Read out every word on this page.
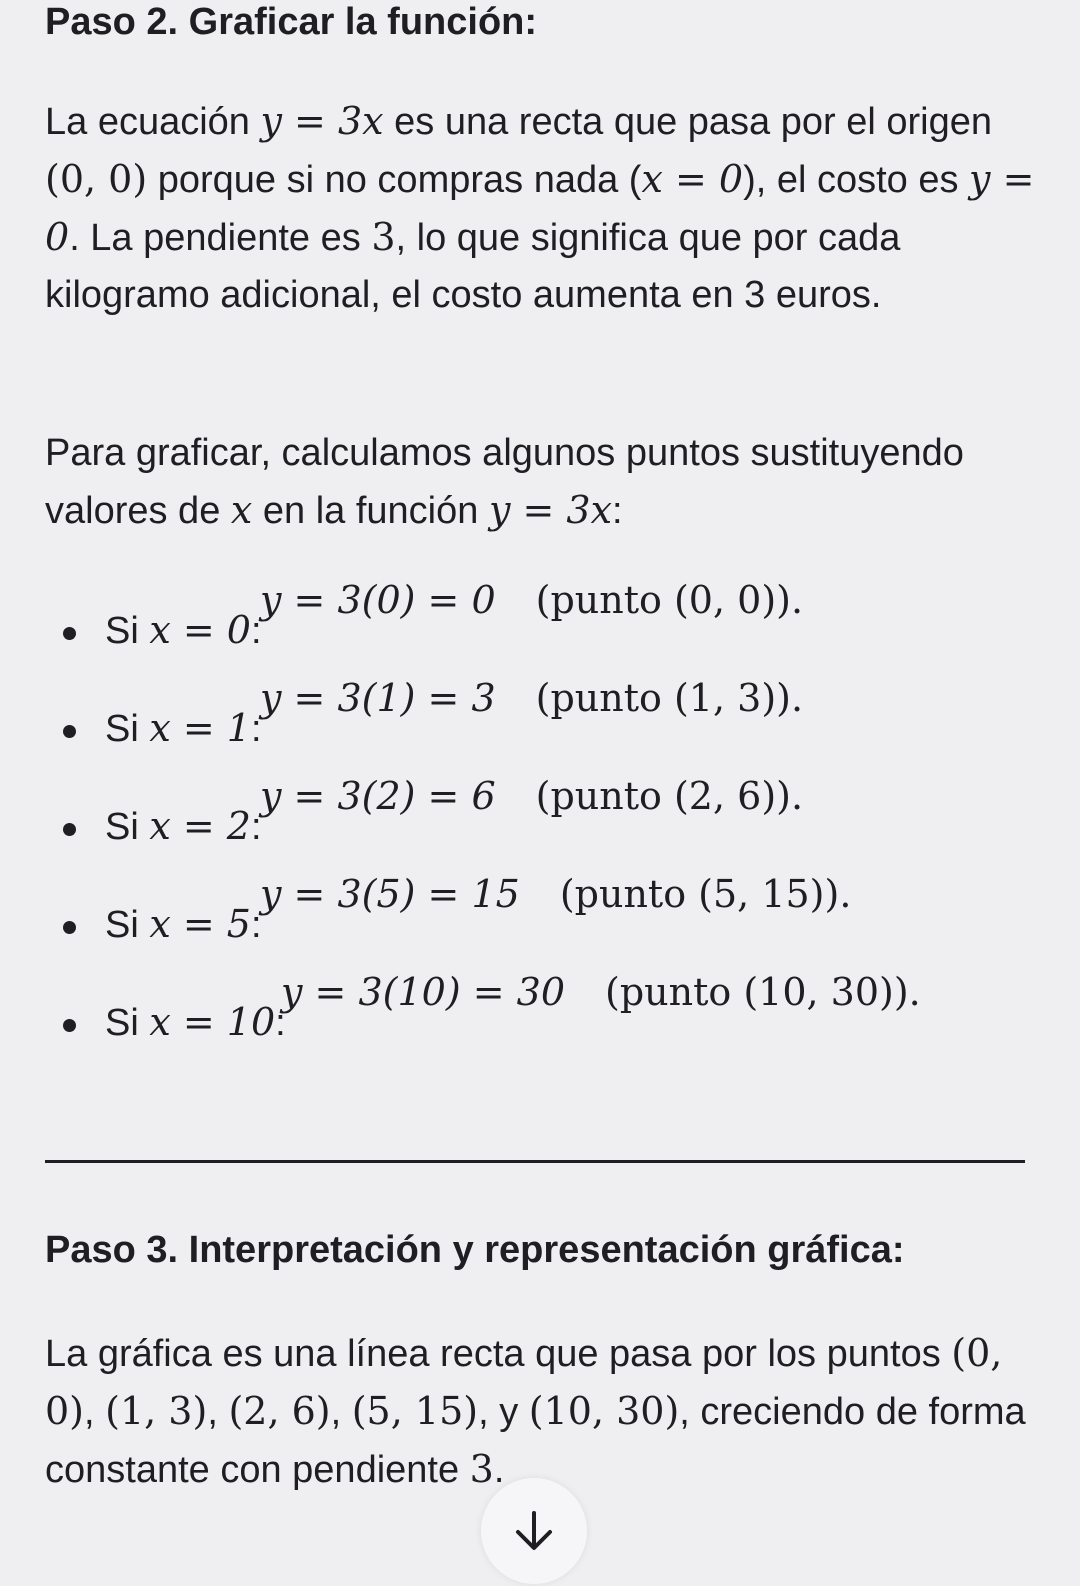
Paso 2. Graficar la función:

La ecuación y = 3x es una recta que pasa por el origen (0, 0) porque si no compras nada (x = 0), el costo es y = 0. La pendiente es 3, lo que significa que por cada kilogramo adicional, el costo aumenta en 3 euros.

Para graficar, calculamos algunos puntos sustituyendo valores de x en la función y = 3x:

Si x = 0:
y = 3(0) = 0 (punto (0, 0)).
Si x = 1:
y = 3(1) = 3 (punto (1, 3)).
Si x = 2:
y = 3(2) = 6 (punto (2, 6)).
Si x = 5:
y = 3(5) = 15 (punto (5, 15)).
Si x = 10:
y = 3(10) = 30 (punto (10, 30)).
Paso 3. Interpretación y representación gráfica:

La gráfica es una línea recta que pasa por los puntos (0, 0), (1, 3), (2, 6), (5, 15), y (10, 30), creciendo de forma constante con pendiente 3.
